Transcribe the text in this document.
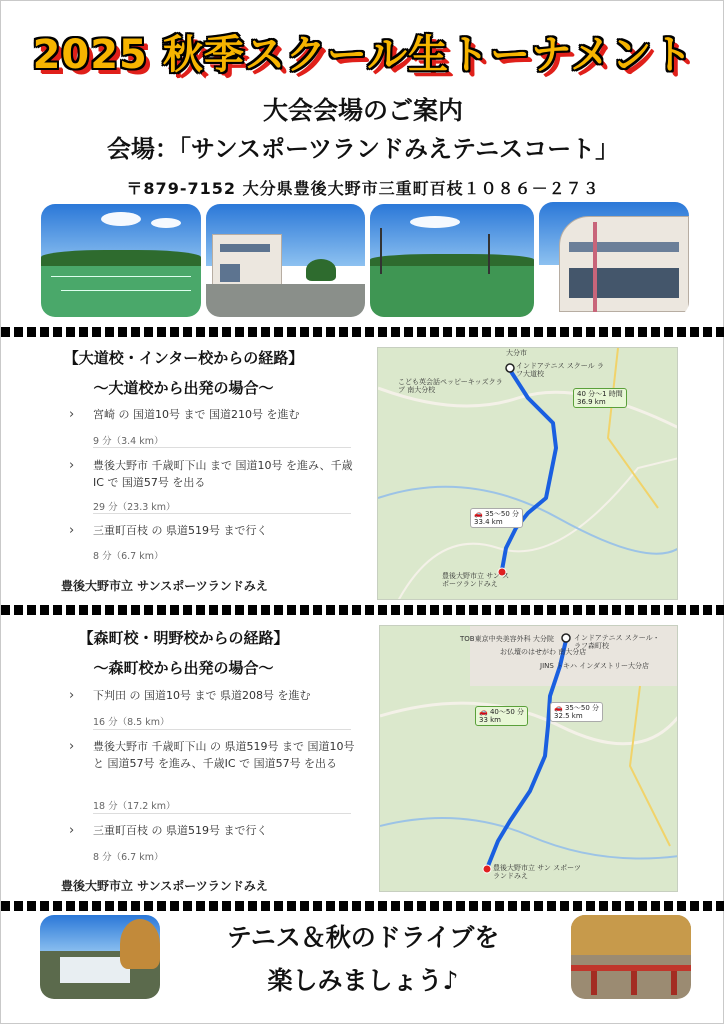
2025 秋季スクール生トーナメント
大会会場のご案内
会場：「サンスポーツランドみえテニスコート」
〒879-7152 大分県豊後大野市三重町百枝１０８６－２７３
【大道校・インター校からの経路】
～大道校から出発の場合～
› 宮崎 の 国道10号 まで 国道210号 を進む
9 分（3.4 km）
› 豊後大野市 千歳町下山 まで 国道10号 を進み、千歳IC で 国道57号 を出る
29 分（23.3 km）
› 三重町百枝 の 県道519号 まで行く
8 分（6.7 km）
豊後大野市立 サンスポーツランドみえ
大分市
こども英会話ペッピーキッズクラブ 南大分校
インドアテニス スクール ラフ大道校
40 分～1 時間
36.9 km
🚗 35～50 分
33.4 km
豊後大野市立 サン スポーツランドみえ
【森町校・明野校からの経路】
～森町校から出発の場合～
› 下判田 の 国道10号 まで 県道208号 を進む
16 分（8.5 km）
› 豊後大野市 千歳町下山 の 県道519号 まで 国道10号 と 国道57号 を進み、千歳IC で 国道57号 を出る
18 分（17.2 km）
› 三重町百枝 の 県道519号 まで行く
8 分（6.7 km）
豊後大野市立 サンスポーツランドみえ
TOB東京中央美容外科 大分院	インドアテニス スクール・ラフ森町校
お仏壇のはせがわ 南大分店
JINS トキハ インダストリー大分店
🚗 40～50 分
33 km
🚗 35～50 分
32.5 km
豊後大野市立 サン スポーツランドみえ
テニス＆秋のドライブを
楽しみましょう♪
